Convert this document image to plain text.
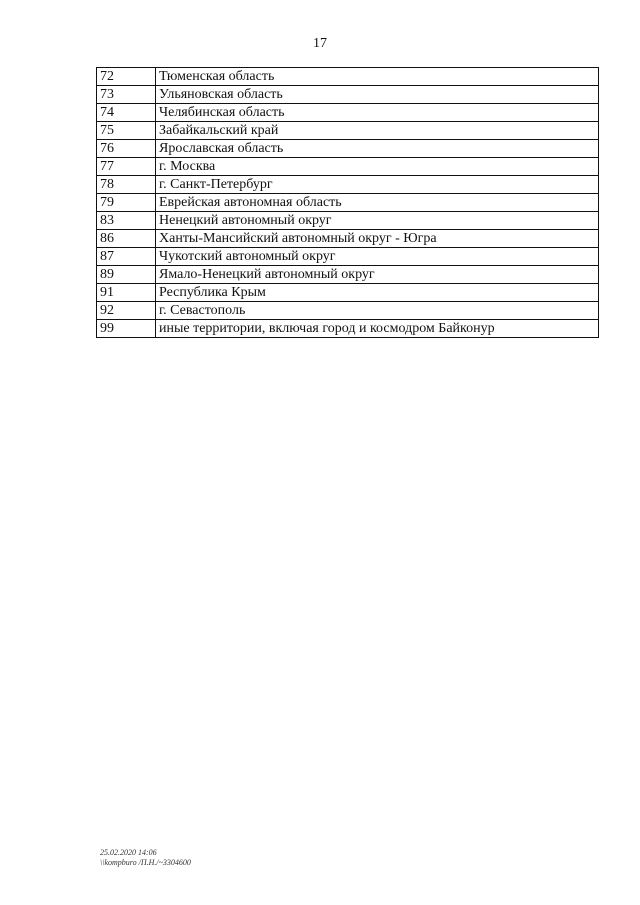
17
72	Тюменская область
73	Ульяновская область
74	Челябинская область
75	Забайкальский край
76	Ярославская область
77	г. Москва
78	г. Санкт-Петербург
79	Еврейская автономная область
83	Ненецкий автономный округ
86	Ханты-Мансийский автономный округ - Югра
87	Чукотский автономный округ
89	Ямало-Ненецкий автономный округ
91	Республика Крым
92	г. Севастополь
99	иные территории, включая город и космодром Байконур
25.02.2020 14:06
\\kompburo /П.Н./~3304600
